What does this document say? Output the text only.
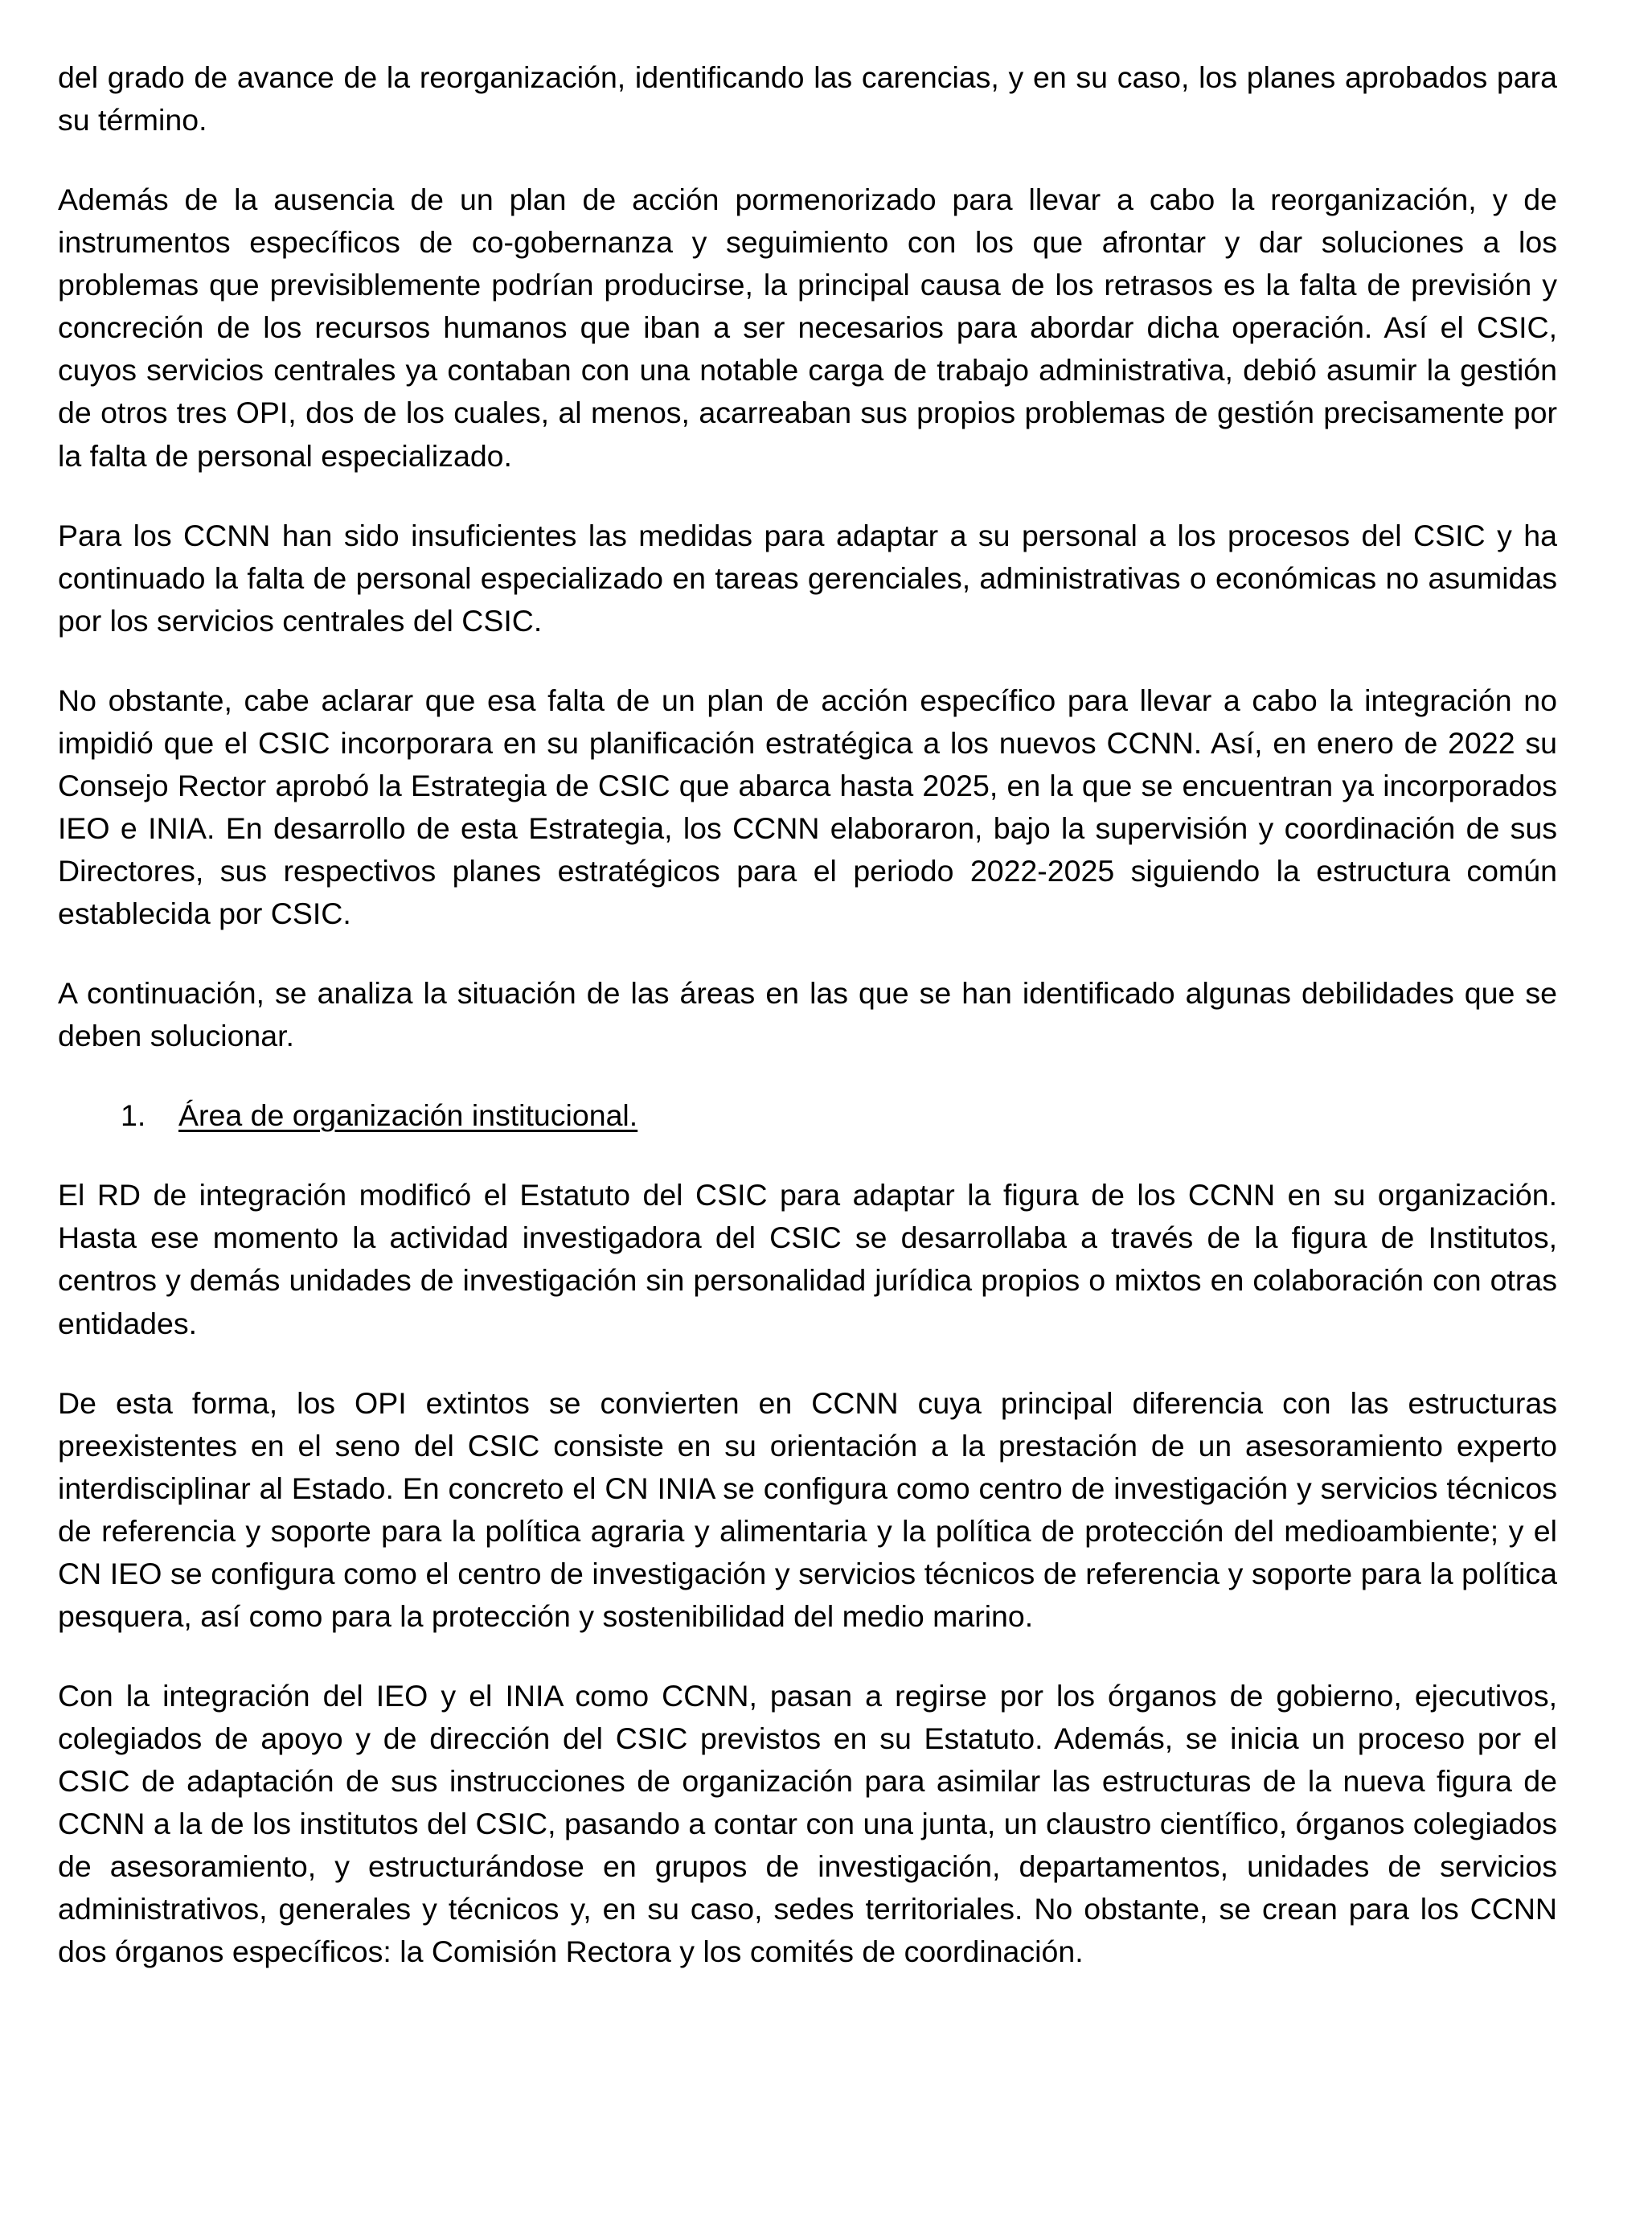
del grado de avance de la reorganización, identificando las carencias, y en su caso, los planes aprobados para su término.

Además de la ausencia de un plan de acción pormenorizado para llevar a cabo la reorganización, y de instrumentos específicos de co-gobernanza y seguimiento con los que afrontar y dar soluciones a los problemas que previsiblemente podrían producirse, la principal causa de los retrasos es la falta de previsión y concreción de los recursos humanos que iban a ser necesarios para abordar dicha operación. Así el CSIC, cuyos servicios centrales ya contaban con una notable carga de trabajo administrativa, debió asumir la gestión de otros tres OPI, dos de los cuales, al menos, acarreaban sus propios problemas de gestión precisamente por la falta de personal especializado.

Para los CCNN han sido insuficientes las medidas para adaptar a su personal a los procesos del CSIC y ha continuado la falta de personal especializado en tareas gerenciales, administrativas o económicas no asumidas por los servicios centrales del CSIC.

No obstante, cabe aclarar que esa falta de un plan de acción específico para llevar a cabo la integración no impidió que el CSIC incorporara en su planificación estratégica a los nuevos CCNN. Así, en enero de 2022 su Consejo Rector aprobó la Estrategia de CSIC que abarca hasta 2025, en la que se encuentran ya incorporados IEO e INIA. En desarrollo de esta Estrategia, los CCNN elaboraron, bajo la supervisión y coordinación de sus Directores, sus respectivos planes estratégicos para el periodo 2022-2025 siguiendo la estructura común establecida por CSIC.

A continuación, se analiza la situación de las áreas en las que se han identificado algunas debilidades que se deben solucionar.

1. Área de organización institucional.

El RD de integración modificó el Estatuto del CSIC para adaptar la figura de los CCNN en su organización. Hasta ese momento la actividad investigadora del CSIC se desarrollaba a través de la figura de Institutos, centros y demás unidades de investigación sin personalidad jurídica propios o mixtos en colaboración con otras entidades.

De esta forma, los OPI extintos se convierten en CCNN cuya principal diferencia con las estructuras preexistentes en el seno del CSIC consiste en su orientación a la prestación de un asesoramiento experto interdisciplinar al Estado. En concreto el CN INIA se configura como centro de investigación y servicios técnicos de referencia y soporte para la política agraria y alimentaria y la política de protección del medioambiente; y el CN IEO se configura como el centro de investigación y servicios técnicos de referencia y soporte para la política pesquera, así como para la protección y sostenibilidad del medio marino.

Con la integración del IEO y el INIA como CCNN, pasan a regirse por los órganos de gobierno, ejecutivos, colegiados de apoyo y de dirección del CSIC previstos en su Estatuto. Además, se inicia un proceso por el CSIC de adaptación de sus instrucciones de organización para asimilar las estructuras de la nueva figura de CCNN a la de los institutos del CSIC, pasando a contar con una junta, un claustro científico, órganos colegiados de asesoramiento, y estructurándose en grupos de investigación, departamentos, unidades de servicios administrativos, generales y técnicos y, en su caso, sedes territoriales. No obstante, se crean para los CCNN dos órganos específicos: la Comisión Rectora y los comités de coordinación.
